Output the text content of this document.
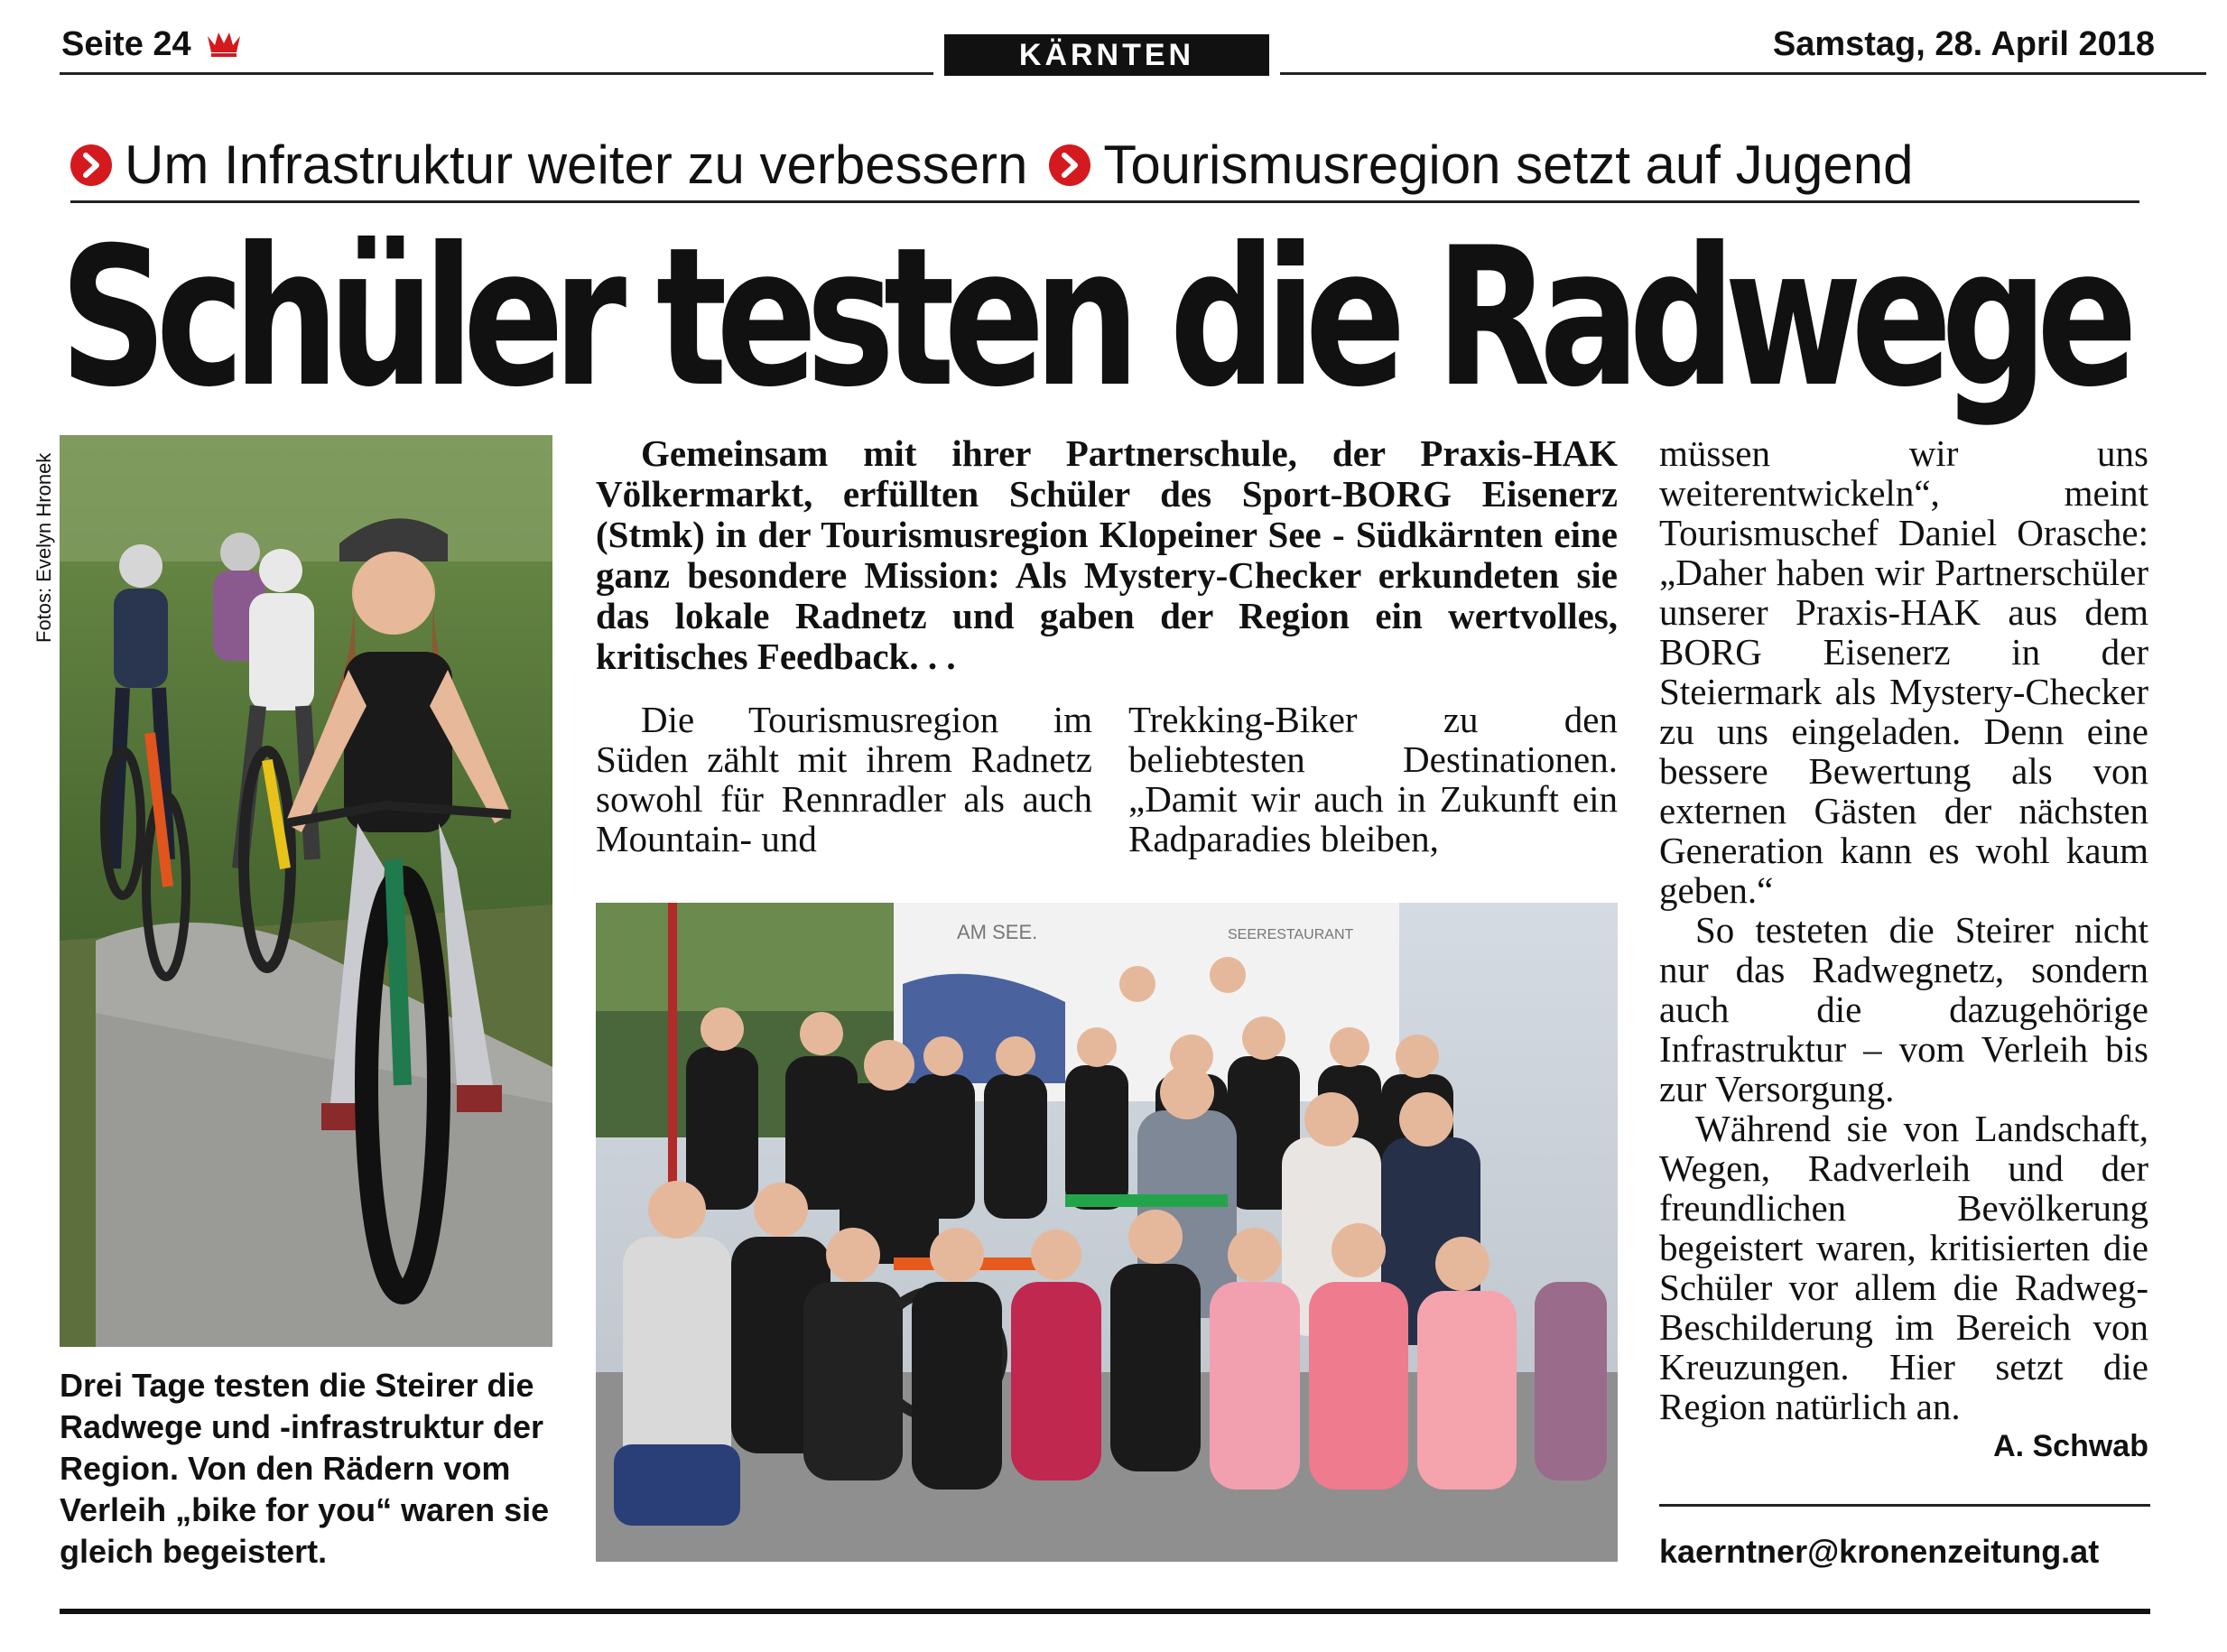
Seite 24	KÄRNTEN	Samstag, 28. April 2018
Um Infrastruktur weiter zu verbessern Tourismusregion setzt auf Jugend
Schüler testen die Radwege
Fotos: Evelyn Hronek
Drei Tage testen die Steirer die Radwege und -infrastruktur der Region. Von den Rädern vom Verleih „bike for you“ waren sie gleich begeistert.
Gemeinsam mit ihrer Partnerschule, der Praxis-HAK Völkermarkt, erfüllten Schüler des Sport-BORG Eisenerz (Stmk) in der Tourismusregion Klopeiner See - Südkärnten eine ganz besondere Mission: Als Mystery-Checker erkundeten sie das lokale Radnetz und gaben der Region ein wertvolles, kritisches Feedback. . .
Die Tourismusregion im Süden zählt mit ihrem Radnetz sowohl für Rennradler als auch Mountain- und
Trekking-Biker zu den beliebtesten Destinationen. „Damit wir auch in Zukunft ein Radparadies bleiben,
AM SEE.	SEERESTAURANT

müssen wir uns weiterentwickeln“, meint Tourismuschef Daniel Orasche: „Daher haben wir Partnerschüler unserer Praxis-HAK aus dem BORG Eisenerz in der Steiermark als Mystery-Checker zu uns eingeladen. Denn eine bessere Bewertung als von externen Gästen der nächsten Generation kann es wohl kaum geben.“

So testeten die Steirer nicht nur das Radwegnetz, sondern auch die dazugehörige Infrastruktur – vom Verleih bis zur Versorgung.

Während sie von Landschaft, Wegen, Radverleih und der freundlichen Bevölkerung begeistert waren, kritisierten die Schüler vor allem die Radweg-Beschilderung im Bereich von Kreuzungen. Hier setzt die Region natürlich an.
A. Schwab

kaerntner@kronenzeitung.at
